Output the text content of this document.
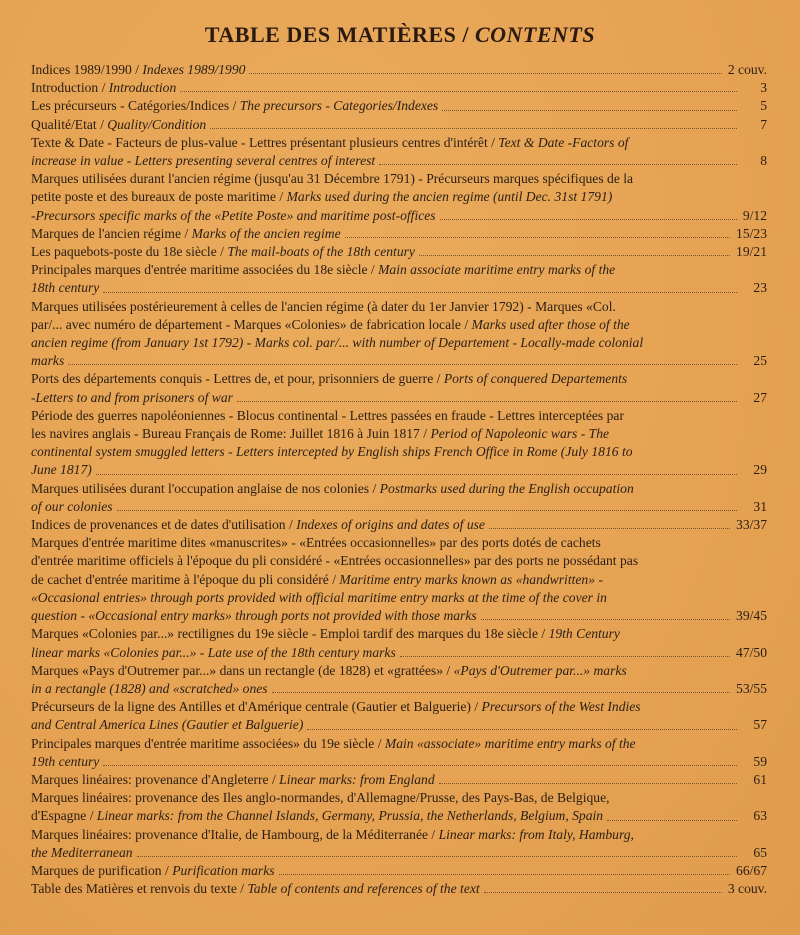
TABLE DES MATIÈRES / CONTENTS
Indices 1989/1990 / Indexes 1989/1990	2 couv.
Introduction / Introduction	3
Les précurseurs - Catégories/Indices / The precursors - Categories/Indexes	5
Qualité/Etat / Quality/Condition	7
Texte & Date - Facteurs de plus-value - Lettres présentant plusieurs centres d'intérêt / Text & Date -Factors of
increase in value - Letters presenting several centres of interest	8
Marques utilisées durant l'ancien régime (jusqu'au 31 Décembre 1791) - Précurseurs marques spécifiques de la
petite poste et des bureaux de poste maritime / Marks used during the ancien regime (until Dec. 31st 1791)
-Precursors specific marks of the «Petite Poste» and maritime post-offices	9/12
Marques de l'ancien régime / Marks of the ancien regime	15/23
Les paquebots-poste du 18e siècle / The mail-boats of the 18th century	19/21
Principales marques d'entrée maritime associées du 18e siècle / Main associate maritime entry marks of the
18th century	23
Marques utilisées postérieurement à celles de l'ancien régime (à dater du 1er Janvier 1792) - Marques «Col.
par/... avec numéro de département - Marques «Colonies» de fabrication locale / Marks used after those of the
ancien regime (from January 1st 1792) - Marks col. par/... with number of Departement - Locally-made colonial
marks	25
Ports des départements conquis - Lettres de, et pour, prisonniers de guerre / Ports of conquered Departements
-Letters to and from prisoners of war	27
Période des guerres napoléoniennes - Blocus continental - Lettres passées en fraude - Lettres interceptées par
les navires anglais - Bureau Français de Rome: Juillet 1816 à Juin 1817 / Period of Napoleonic wars - The
continental system smuggled letters - Letters intercepted by English ships French Office in Rome (July 1816 to
June 1817)	29
Marques utilisées durant l'occupation anglaise de nos colonies / Postmarks used during the English occupation
of our colonies	31
Indices de provenances et de dates d'utilisation / Indexes of origins and dates of use	33/37
Marques d'entrée maritime dites «manuscrites» - «Entrées occasionnelles» par des ports dotés de cachets
d'entrée maritime officiels à l'époque du pli considéré - «Entrées occasionnelles» par des ports ne possédant pas
de cachet d'entrée maritime à l'époque du pli considéré / Maritime entry marks known as «handwritten» -
«Occasional entries» through ports provided with official maritime entry marks at the time of the cover in
question - «Occasional entry marks» through ports not provided with those marks	39/45
Marques «Colonies par...» rectilignes du 19e siècle - Emploi tardif des marques du 18e siècle / 19th Century
linear marks «Colonies par...» - Late use of the 18th century marks	47/50
Marques «Pays d'Outremer par...» dans un rectangle (de 1828) et «grattées» / «Pays d'Outremer par...» marks
in a rectangle (1828) and «scratched» ones	53/55
Précurseurs de la ligne des Antilles et d'Amérique centrale (Gautier et Balguerie) / Precursors of the West Indies
and Central America Lines (Gautier et Balguerie)	57
Principales marques d'entrée maritime associées» du 19e siècle / Main «associate» maritime entry marks of the
19th century	59
Marques linéaires: provenance d'Angleterre / Linear marks: from England	61
Marques linéaires: provenance des Iles anglo-normandes, d'Allemagne/Prusse, des Pays-Bas, de Belgique,
d'Espagne / Linear marks: from the Channel Islands, Germany, Prussia, the Netherlands, Belgium, Spain	63
Marques linéaires: provenance d'Italie, de Hambourg, de la Méditerranée / Linear marks: from Italy, Hamburg,
the Mediterranean	65
Marques de purification / Purification marks	66/67
Table des Matières et renvois du texte / Table of contents and references of the text	3 couv.
